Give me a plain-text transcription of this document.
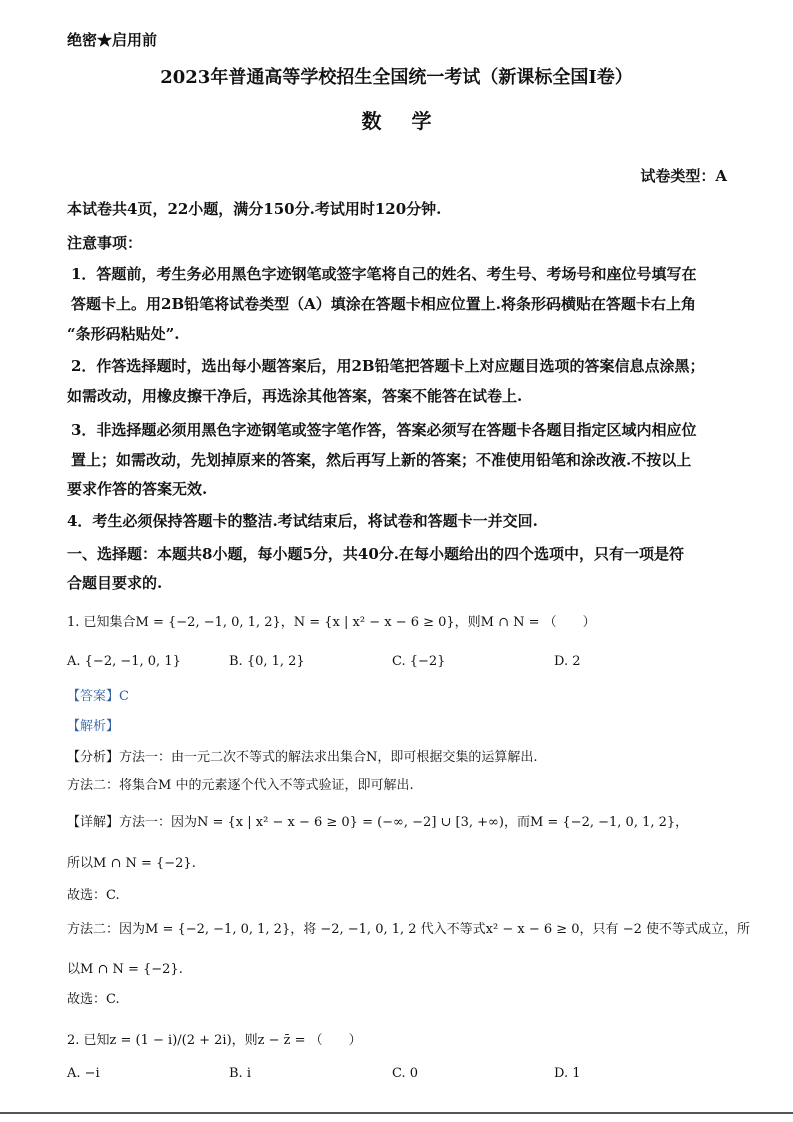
绝密★启用前
2023年普通高等学校招生全国统一考试（新课标全国Ⅰ卷）
数学
试卷类型：A
本试卷共4页，22小题，满分150分.考试用时120分钟.
注意事项：
1．答题前，考生务必用黑色字迹钢笔或签字笔将自己的姓名、考生号、考场号和座位号填写在
答题卡上。用2B铅笔将试卷类型（A）填涂在答题卡相应位置上.将条形码横贴在答题卡右上角
“条形码粘贴处”.
2．作答选择题时，选出每小题答案后，用2B铅笔把答题卡上对应题目选项的答案信息点涂黑；
如需改动，用橡皮擦干净后，再选涂其他答案，答案不能答在试卷上.
3．非选择题必须用黑色字迹钢笔或签字笔作答，答案必须写在答题卡各题目指定区域内相应位
置上；如需改动，先划掉原来的答案，然后再写上新的答案；不准使用铅笔和涂改液.不按以上
要求作答的答案无效.
4．考生必须保持答题卡的整洁.考试结束后，将试卷和答题卡一并交回.
一、选择题：本题共8小题，每小题5分，共40分.在每小题给出的四个选项中，只有一项是符
合题目要求的.
1. 已知集合M = {−2, −1, 0, 1, 2}，N = {x | x² − x − 6 ≥ 0}，则M ∩ N = （　　）
A. {−2, −1, 0, 1}	B. {0, 1, 2}	C. {−2}	D. 2
【答案】C
【解析】
【分析】方法一：由一元二次不等式的解法求出集合N，即可根据交集的运算解出.
方法二：将集合M 中的元素逐个代入不等式验证，即可解出.
【详解】方法一：因为N = {x | x² − x − 6 ≥ 0} = (−∞, −2] ∪ [3, +∞)，而M = {−2, −1, 0, 1, 2}，
所以M ∩ N = {−2}.
故选：C.
方法二：因为M = {−2, −1, 0, 1, 2}，将 −2, −1, 0, 1, 2 代入不等式x² − x − 6 ≥ 0，只有 −2 使不等式成立，所
以M ∩ N = {−2}.
故选：C.
2. 已知z = (1 − i)/(2 + 2i)，则z − z̄ = （　　）
A. −i	B. i	C. 0	D. 1
